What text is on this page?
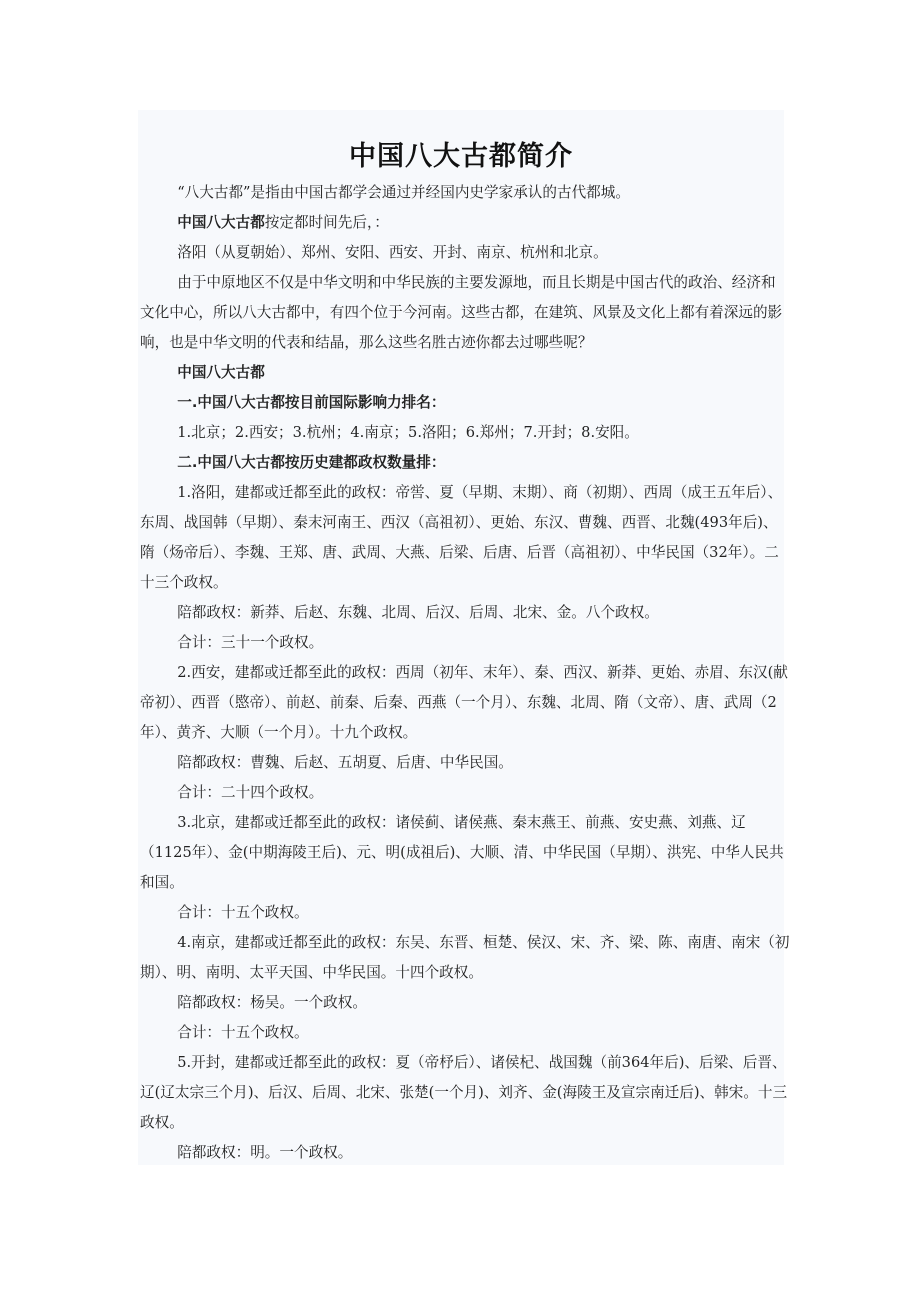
中国八大古都简介

“八大古都”是指由中国古都学会通过并经国内史学家承认的古代都城。

中国八大古都按定都时间先后，：

洛阳（从夏朝始）、郑州、安阳、西安、开封、南京、杭州和北京。

由于中原地区不仅是中华文明和中华民族的主要发源地，而且长期是中国古代的政治、经济和文化中心，所以八大古都中，有四个位于今河南。这些古都，在建筑、风景及文化上都有着深远的影响，也是中华文明的代表和结晶，那么这些名胜古迹你都去过哪些呢？

中国八大古都

一.中国八大古都按目前国际影响力排名：

1.北京；2.西安；3.杭州；4.南京；5.洛阳；6.郑州；7.开封；8.安阳。

二.中国八大古都按历史建都政权数量排：

1.洛阳，建都或迁都至此的政权：帝喾、夏（早期、末期）、商（初期）、西周（成王五年后）、东周、战国韩（早期）、秦末河南王、西汉（高祖初）、更始、东汉、曹魏、西晋、北魏(493年后)、隋（炀帝后）、李魏、王郑、唐、武周、大燕、后梁、后唐、后晋（高祖初）、中华民国（32年）。二十三个政权。

陪都政权：新莽、后赵、东魏、北周、后汉、后周、北宋、金。八个政权。

合计：三十一个政权。

2.西安，建都或迁都至此的政权：西周（初年、末年）、秦、西汉、新莽、更始、赤眉、东汉(献帝初）、西晋（愍帝）、前赵、前秦、后秦、西燕（一个月）、东魏、北周、隋（文帝）、唐、武周（2年）、黄齐、大顺（一个月）。十九个政权。

陪都政权：曹魏、后赵、五胡夏、后唐、中华民国。

合计：二十四个政权。

3.北京，建都或迁都至此的政权：诸侯蓟、诸侯燕、秦末燕王、前燕、安史燕、刘燕、辽（1125年）、金(中期海陵王后)、元、明(成祖后)、大顺、清、中华民国（早期）、洪宪、中华人民共和国。

合计：十五个政权。

4.南京，建都或迁都至此的政权：东吴、东晋、桓楚、侯汉、宋、齐、梁、陈、南唐、南宋（初期）、明、南明、太平天国、中华民国。十四个政权。

陪都政权：杨吴。一个政权。

合计：十五个政权。

5.开封，建都或迁都至此的政权：夏（帝杼后）、诸侯杞、战国魏（前364年后)、后梁、后晋、辽(辽太宗三个月)、后汉、后周、北宋、张楚(一个月)、刘齐、金(海陵王及宣宗南迁后)、韩宋。十三政权。

陪都政权：明。一个政权。
